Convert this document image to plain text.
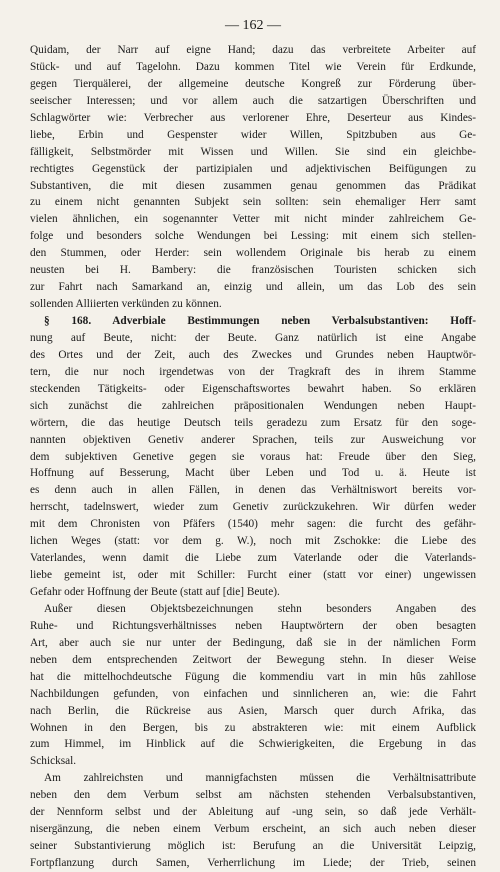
— 162 —
Quidam, der Narr auf eigne Hand; dazu das verbreitete Arbeiter auf
Stück- und auf Tagelohn. Dazu kommen Titel wie Verein für Erdkunde,
gegen Tierquälerei, der allgemeine deutsche Kongreß zur Förderung über-
seeischer Interessen; und vor allem auch die satzartigen Überschriften und
Schlagwörter wie: Verbrecher aus verlorener Ehre, Deserteur aus Kindes-
liebe, Erbin und Gespenster wider Willen, Spitzbuben aus Ge-
fälligkeit, Selbstmörder mit Wissen und Willen. Sie sind ein gleichbe-
rechtigtes Gegenstück der partizipialen und adjektivischen Beifügungen zu
Substantiven, die mit diesen zusammen genau genommen das Prädikat
zu einem nicht genannten Subjekt sein sollten: sein ehemaliger Herr samt
vielen ähnlichen, ein sogenannter Vetter mit nicht minder zahlreichem Ge-
folge und besonders solche Wendungen bei Lessing: mit einem sich stellen-
den Stummen, oder Herder: sein wollendem Originale bis herab zu einem
neusten bei H. Bambery: die französischen Touristen schicken sich
zur Fahrt nach Samarkand an, einzig und allein, um das Lob des sein
sollenden Alliierten verkünden zu können.
§ 168. Adverbiale Bestimmungen neben Verbalsubstantiven: Hoff-
nung auf Beute, nicht: der Beute. Ganz natürlich ist eine Angabe
des Ortes und der Zeit, auch des Zweckes und Grundes neben Hauptwör-
tern, die nur noch irgendetwas von der Tragkraft des in ihrem Stamme
steckenden Tätigkeits- oder Eigenschaftswortes bewahrt haben. So erklären
sich zunächst die zahlreichen präpositionalen Wendungen neben Haupt-
wörtern, die das heutige Deutsch teils geradezu zum Ersatz für den soge-
nannten objektiven Genetiv anderer Sprachen, teils zur Ausweichung vor
dem subjektiven Genetive gegen sie voraus hat: Freude über den Sieg,
Hoffnung auf Besserung, Macht über Leben und Tod u. ä. Heute ist
es denn auch in allen Fällen, in denen das Verhältniswort bereits vor-
herrscht, tadelnswert, wieder zum Genetiv zurückzukehren. Wir dürfen weder
mit dem Chronisten von Pfäfers (1540) mehr sagen: die furcht des gefähr-
lichen Weges (statt: vor dem g. W.), noch mit Zschokke: die Liebe des
Vaterlandes, wenn damit die Liebe zum Vaterlande oder die Vaterlands-
liebe gemeint ist, oder mit Schiller: Furcht einer (statt vor einer) ungewissen
Gefahr oder Hoffnung der Beute (statt auf [die] Beute).
Außer diesen Objektsbezeichnungen stehn besonders Angaben des
Ruhe- und Richtungsverhältnisses neben Hauptwörtern der oben besagten
Art, aber auch sie nur unter der Bedingung, daß sie in der nämlichen Form
neben dem entsprechenden Zeitwort der Bewegung stehn. In dieser Weise
hat die mittelhochdeutsche Fügung die kommendiu vart in min hûs zahllose
Nachbildungen gefunden, von einfachen und sinnlicheren an, wie: die Fahrt
nach Berlin, die Rückreise aus Asien, Marsch quer durch Afrika, das
Wohnen in den Bergen, bis zu abstrakteren wie: mit einem Aufblick
zum Himmel, im Hinblick auf die Schwierigkeiten, die Ergebung in das
Schicksal.
Am zahlreichsten und mannigfachsten müssen die Verhältnisattribute
neben den dem Verbum selbst am nächsten stehenden Verbalsubstantiven,
der Nennform selbst und der Ableitung auf -ung sein, so daß jede Verhält-
nisergänzung, die neben einem Verbum erscheint, an sich auch neben dieser
seiner Substantivierung möglich ist: Berufung an die Universität Leipzig,
Fortpflanzung durch Samen, Verherrlichung im Liede; der Trieb, seinen
